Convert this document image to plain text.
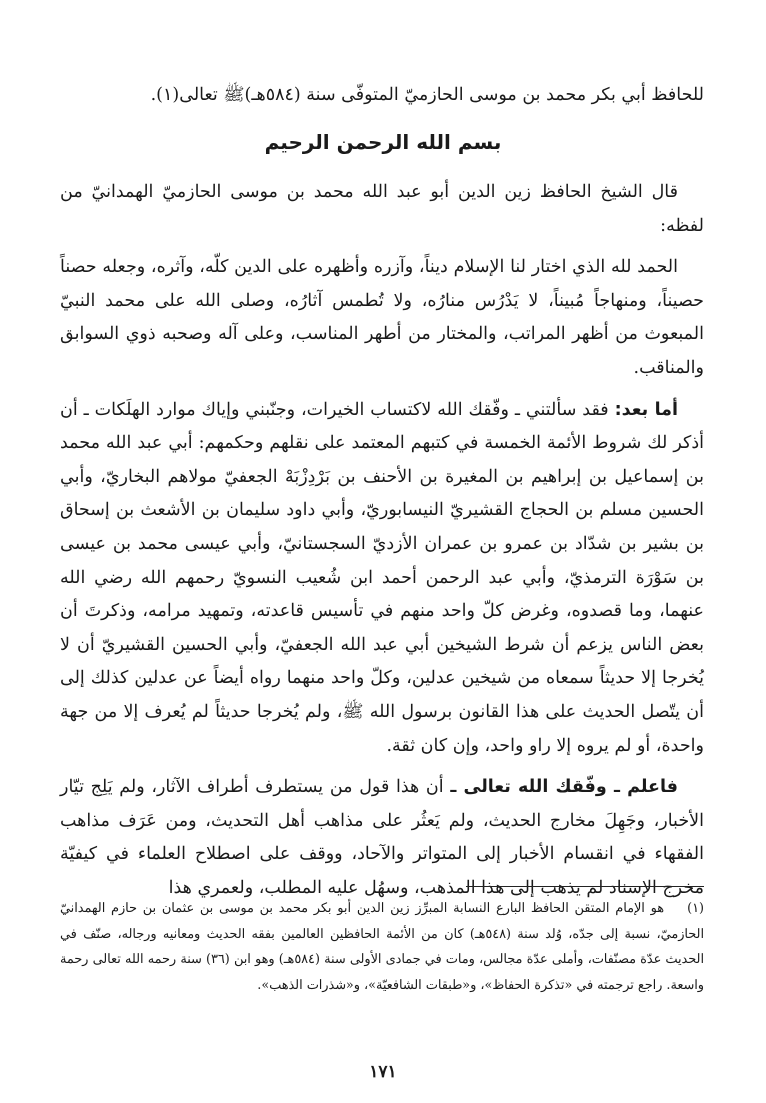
للحافظ أبي بكر محمد بن موسى الحازميّ المتوفّى سنة (٥٨٤هـ)ﷺ تعالى(١).
بسم الله الرحمن الرحيم

قال الشيخ الحافظ زين الدين أبو عبد الله محمد بن موسى الحازميّ الهمدانيّ من لفظه:

الحمد لله الذي اختار لنا الإسلام ديناً، وآزره وأظهره على الدين كلّه، وآثره، وجعله حصناً حصيناً، ومنهاجاً مُبيناً، لا يَدْرُس منارُه، ولا تُطمس آثارُه، وصلى الله على محمد النبيّ المبعوث من أظهر المراتب، والمختار من أطهر المناسب، وعلى آله وصحبه ذوي السوابق والمناقب.

أما بعد: فقد سألتني ـ وفّقك الله لاكتساب الخيرات، وجنّبني وإياك موارد الهلَكات ـ أن أذكر لك شروط الأئمة الخمسة في كتبهم المعتمد على نقلهم وحكمهم: أبي عبد الله محمد بن إسماعيل بن إبراهيم بن المغيرة بن الأحنف بن بَرْدِزْبَهْ الجعفيّ مولاهم البخاريّ، وأبي الحسين مسلم بن الحجاج القشيريّ النيسابوريّ، وأبي داود سليمان بن الأشعث بن إسحاق بن بشير بن شدّاد بن عمرو بن عمران الأزديّ السجستانيّ، وأبي عيسى محمد بن عيسى بن سَوْرَة الترمذيّ، وأبي عبد الرحمن أحمد ابن شُعيب النسويّ رحمهم الله رضي الله عنهما، وما قصدوه، وغرض كلّ واحد منهم في تأسيس قاعدته، وتمهيد مرامه، وذكرتَ أن بعض الناس يزعم أن شرط الشيخين أبي عبد الله الجعفيّ، وأبي الحسين القشيريّ أن لا يُخرجا إلا حديثاً سمعاه من شيخين عدلين، وكلّ واحد منهما رواه أيضاً عن عدلين كذلك إلى أن يتّصل الحديث على هذا القانون برسول الله ﷺ، ولم يُخرجا حديثاً لم يُعرف إلا من جهة واحدة، أو لم يروه إلا راو واحد، وإن كان ثقة.

فاعلم ـ وفّقك الله تعالى ـ أن هذا قول من يستطرف أطراف الآثار، ولم يَلِج تيّار الأخبار، وجَهِلَ مخارج الحديث، ولم يَعثُر على مذاهب أهل التحديث، ومن عَرَف مذاهب الفقهاء في انقسام الأخبار إلى المتواتر والآحاد، ووقف على اصطلاح العلماء في كيفيّة مخرج الإسناد لم يذهب إلى هذا المذهب، وسهُل عليه المطلب، ولعمري هذا

(١)هو الإمام المتقن الحافظ البارع النسابة المبرِّز زين الدين أبو بكر محمد بن موسى بن عثمان بن حازم الهمدانيّ الحازميّ، نسبة إلى جدّه، وُلد سنة (٥٤٨هـ) كان من الأئمة الحافظين العالمين بفقه الحديث ومعانيه ورجاله، صنّف في الحديث عدّة مصنّفات، وأملى عدّة مجالس، ومات في جمادى الأولى سنة (٥٨٤هـ) وهو ابن (٣٦) سنة رحمه الله تعالى رحمة واسعة. راجع ترجمته في «تذكرة الحفاظ»، و«طبقات الشافعيّة»، و«شذرات الذهب».
١٧١
